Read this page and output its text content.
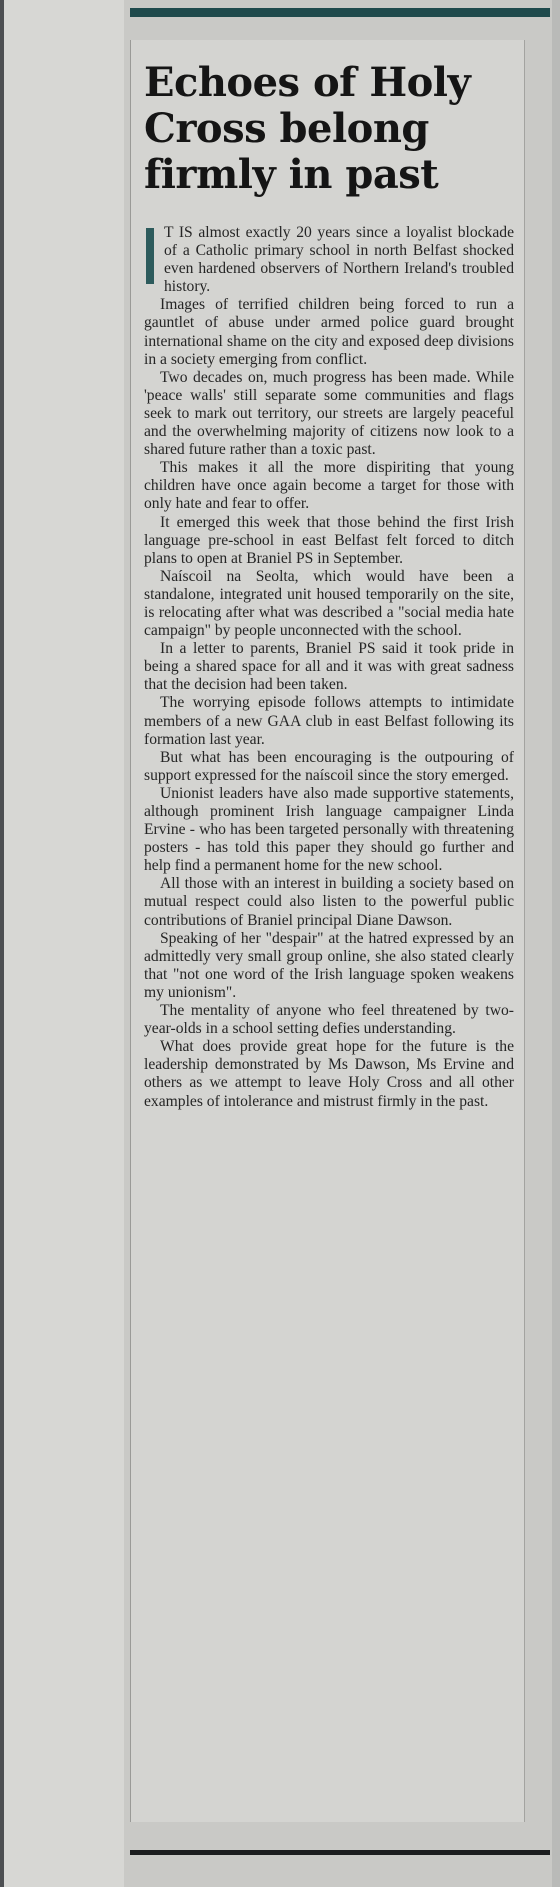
Echoes of Holy Cross belong firmly in past

T IS almost exactly 20 years since a loyalist blockade of a Catholic primary school in north Belfast shocked even hardened observers of Northern Ireland's troubled history.

Images of terrified children being forced to run a gauntlet of abuse under armed police guard brought international shame on the city and exposed deep divisions in a society emerging from conflict.

Two decades on, much progress has been made. While 'peace walls' still separate some communities and flags seek to mark out territory, our streets are largely peaceful and the overwhelming majority of citizens now look to a shared future rather than a toxic past.

This makes it all the more dispiriting that young children have once again become a target for those with only hate and fear to offer.

It emerged this week that those behind the first Irish language pre-school in east Belfast felt forced to ditch plans to open at Braniel PS in September.

Naíscoil na Seolta, which would have been a standalone, integrated unit housed temporarily on the site, is relocating after what was described a "social media hate campaign" by people unconnected with the school.

In a letter to parents, Braniel PS said it took pride in being a shared space for all and it was with great sadness that the decision had been taken.

The worrying episode follows attempts to intimidate members of a new GAA club in east Belfast following its formation last year.

But what has been encouraging is the outpouring of support expressed for the naíscoil since the story emerged.

Unionist leaders have also made supportive statements, although prominent Irish language campaigner Linda Ervine - who has been targeted personally with threatening posters - has told this paper they should go further and help find a permanent home for the new school.

All those with an interest in building a society based on mutual respect could also listen to the powerful public contributions of Braniel principal Diane Dawson.

Speaking of her "despair" at the hatred expressed by an admittedly very small group online, she also stated clearly that "not one word of the Irish language spoken weakens my unionism".

The mentality of anyone who feel threatened by two-year-olds in a school setting defies understanding.

What does provide great hope for the future is the leadership demonstrated by Ms Dawson, Ms Ervine and others as we attempt to leave Holy Cross and all other examples of intolerance and mistrust firmly in the past.
